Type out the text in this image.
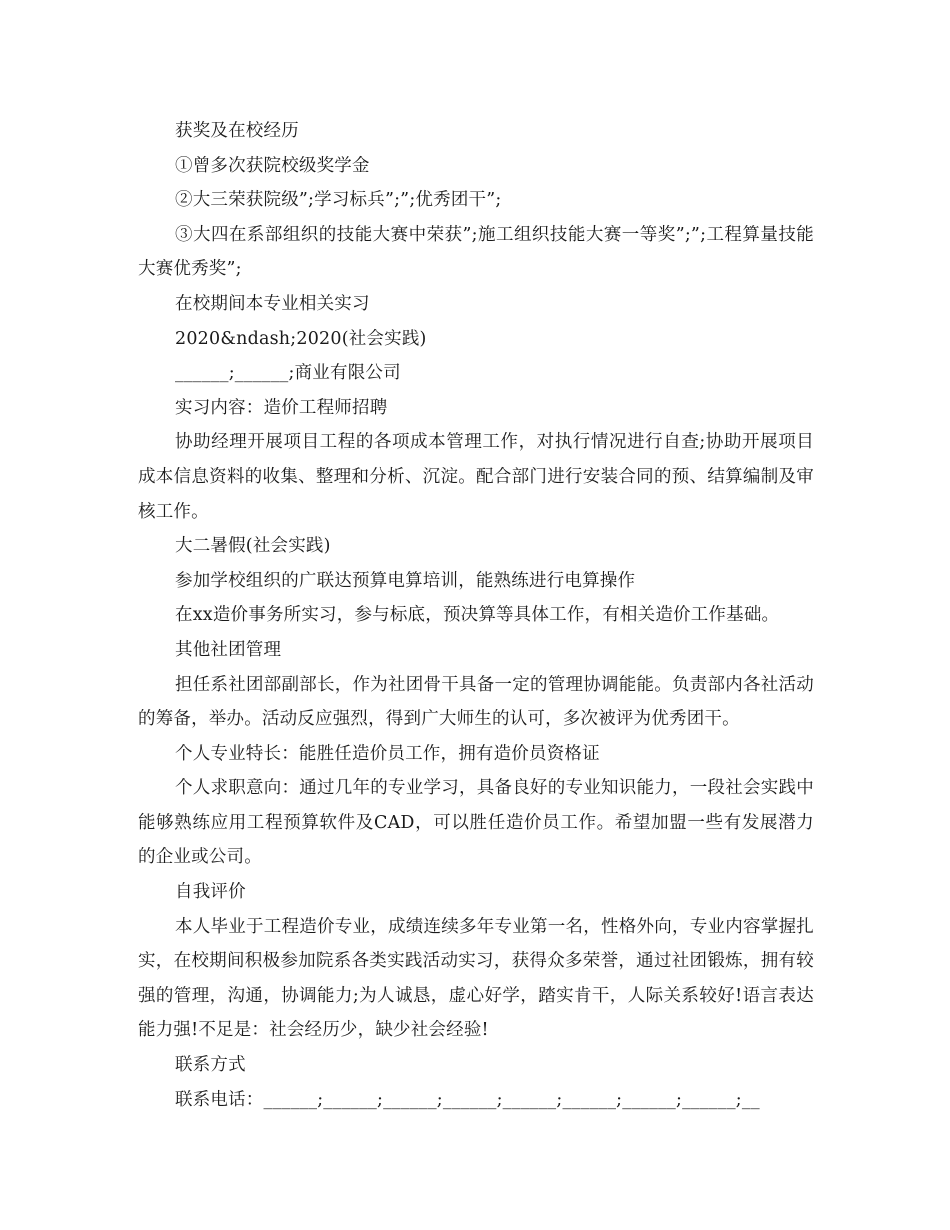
获奖及在校经历

①曾多次获院校级奖学金

②大三荣获院级”;学习标兵”;”;优秀团干”;

③大四在系部组织的技能大赛中荣获”;施工组织技能大赛一等奖”;”;工程算量技能大赛优秀奖”;

在校期间本专业相关实习

2020&ndash;2020(社会实践)

______;______;商业有限公司

实习内容：造价工程师招聘

协助经理开展项目工程的各项成本管理工作，对执行情况进行自查;协助开展项目成本信息资料的收集、整理和分析、沉淀。配合部门进行安装合同的预、结算编制及审核工作。

大二暑假(社会实践)

参加学校组织的广联达预算电算培训，能熟练进行电算操作

在xx造价事务所实习，参与标底，预决算等具体工作，有相关造价工作基础。

其他社团管理

担任系社团部副部长，作为社团骨干具备一定的管理协调能能。负责部内各社活动的筹备，举办。活动反应强烈，得到广大师生的认可，多次被评为优秀团干。

个人专业特长：能胜任造价员工作，拥有造价员资格证

个人求职意向：通过几年的专业学习，具备良好的专业知识能力，一段社会实践中能够熟练应用工程预算软件及CAD，可以胜任造价员工作。希望加盟一些有发展潜力的企业或公司。

自我评价

本人毕业于工程造价专业，成绩连续多年专业第一名，性格外向，专业内容掌握扎实，在校期间积极参加院系各类实践活动实习，获得众多荣誉，通过社团锻炼，拥有较强的管理，沟通，协调能力;为人诚恳，虚心好学，踏实肯干，人际关系较好!语言表达能力强!不足是：社会经历少，缺少社会经验!

联系方式

联系电话：______;______;______;______;______;______;______;______;__
